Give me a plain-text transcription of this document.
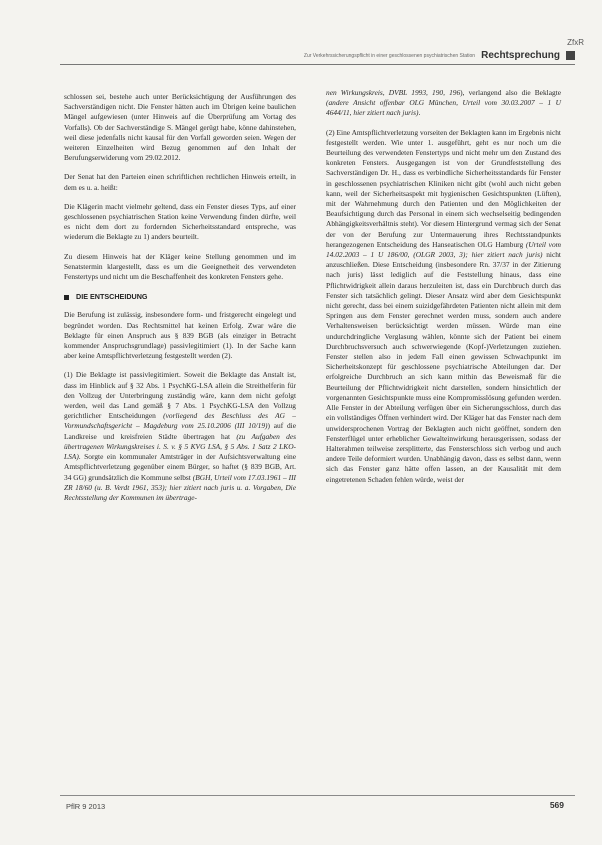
ZfxR
Zur Verkehrssicherungspflicht in einer geschlossenen psychiatrischen Station Rechtsprechung

schlossen sei, bestehe auch unter Berücksichtigung der Ausführungen des Sachverständigen nicht. Die Fenster hätten auch im Übrigen keine baulichen Mängel aufgewiesen (unter Hinweis auf die Überprüfung am Vortag des Vorfalls). Ob der Sachverständige S. Mängel gerügt habe, könne dahinstehen, weil diese jedenfalls nicht kausal für den Vorfall geworden seien. Wegen der weiteren Einzelheiten wird Bezug genommen auf den Inhalt der Berufungserwiderung vom 29.02.2012.

Der Senat hat den Parteien einen schriftlichen rechtlichen Hinweis erteilt, in dem es u. a. heißt:

Die Klägerin macht vielmehr geltend, dass ein Fenster dieses Typs, auf einer geschlossenen psychiatrischen Station keine Verwendung finden dürfte, weil es nicht dem dort zu fordernden Sicherheitsstandard entspreche, was wiederum die Beklagte zu 1) anders beurteilt.

Zu diesem Hinweis hat der Kläger keine Stellung genommen und im Senatstermin klargestellt, dass es um die Geeignetheit des verwendeten Fenstertyps und nicht um die Beschaffenheit des konkreten Fensters gehe.

DIE ENTSCHEIDUNG

Die Berufung ist zulässig, insbesondere form- und fristgerecht eingelegt und begründet worden. Das Rechtsmittel hat keinen Erfolg. Zwar wäre die Beklagte für einen Anspruch aus § 839 BGB (als einziger in Betracht kommender Anspruchsgrundlage) passivlegitimiert (1). In der Sache kann aber keine Amtspflichtverletzung festgestellt werden (2).

(1) Die Beklagte ist passivlegitimiert. Soweit die Beklagte das Anstalt ist, dass im Hinblick auf § 32 Abs. 1 PsychKG-LSA allein die Streithelferin für den Vollzug der Unterbringung zuständig wäre, kann dem nicht gefolgt werden, weil das Land gemäß § 7 Abs. 1 PsychKG-LSA den Vollzug gerichtlicher Entscheidungen (vorliegend des Beschluss des AG – Vormundschaftsgericht – Magdeburg vom 25.10.2006 (III 10/19)) auf die Landkreise und kreisfreien Städte übertragen hat (zu Aufgaben des übertragenen Wirkungskreises i. S. v. § 5 KVG LSA, § 5 Abs. 1 Satz 2 LKO-LSA). Sorgte ein kommunaler Amtsträger in der Aufsichtsverwaltung eine Amtspflichtverletzung gegenüber einem Bürger, so haftet (§ 839 BGB, Art. 34 GG) grundsätzlich die Kommune selbst (BGH, Urteil vom 17.03.1961 – III ZR 18/60 (u. B. Verdt 1961, 353); hier zitiert nach juris u. a. Vorgaben, Die Rechtsstellung der Kommunen im übertrage-

nen Wirkungskreis, DVBL 1993, 190, 196), verlangend also die Beklagte (andere Ansicht offenbar OLG München, Urteil vom 30.03.2007 – 1 U 4644/11, hier zitiert nach juris).

(2) Eine Amtspflichtverletzung vorseiten der Beklagten kann im Ergebnis nicht festgestellt werden. Wie unter 1. ausgeführt, geht es nur noch um die Beurteilung des verwendeten Fenstertyps und nicht mehr um den Zustand des konkreten Fensters. Ausgegangen ist von der Grundfeststellung des Sachverständigen Dr. H., dass es verbindliche Sicherheitsstandards für Fenster in geschlossenen psychiatrischen Kliniken nicht gibt (wohl auch nicht geben kann, weil der Sicherheitsaspekt mit hygienischen Gesichtspunkten (Lüften), mit der Wahrnehmung durch den Patienten und den Möglichkeiten der Beaufsichtigung durch das Personal in einem sich wechselseitig bedingenden Abhängigkeitsverhältnis steht). Vor diesem Hintergrund vermag sich der Senat der von der Berufung zur Untermauerung ihres Rechtsstandpunkts herangezogenen Entscheidung des Hanseatischen OLG Hamburg (Urteil vom 14.02.2003 – 1 U 186/00, (OLGR 2003, 3); hier zitiert nach juris) nicht anzuschließen. Diese Entscheidung (insbesondere Rn. 37/37 in der Zitierung nach juris) lässt lediglich auf die Feststellung hinaus, dass eine Pflichtwidrigkeit allein daraus herzuleiten ist, dass ein Durchbruch durch das Fenster sich tatsächlich gelingt. Dieser Ansatz wird aber dem Gesichtspunkt nicht gerecht, dass bei einem suizidgefährdeten Patienten nicht allein mit dem Springen aus dem Fenster gerechnet werden muss, sondern auch andere Verhaltensweisen berücksichtigt werden müssen. Würde man eine undurchdringliche Verglasung wählen, könnte sich der Patient bei einem Durchbruchsversuch auch schwerwiegende (Kopf-)Verletzungen zuziehen. Fenster stellen also in jedem Fall einen gewissen Schwachpunkt im Sicherheitskonzept für geschlossene psychiatrische Abteilungen dar. Der erfolgreiche Durchbruch an sich kann mithin das Beweismaß für die Beurteilung der Pflichtwidrigkeit nicht darstellen, sondern hinsichtlich der vorgenannten Gesichtspunkte muss eine Kompromisslösung gefunden werden. Alle Fenster in der Abteilung verfügen über ein Sicherungsschloss, durch das ein vollständiges Öffnen verhindert wird. Der Kläger hat das Fenster nach dem unwidersprochenen Vortrag der Beklagten auch nicht geöffnet, sondern den Fensterflügel unter erheblicher Gewalteinwirkung herausgerissen, sodass der Halterahmen teilweise zersplitterte, das Fensterschloss sich verbog und auch andere Teile deformiert wurden. Unabhängig davon, dass es selbst dann, wenn sich das Fenster ganz hätte offen lassen, an der Kausalität mit dem eingetretenen Schaden fehlen würde, weist der

PflR 9 2013	569
